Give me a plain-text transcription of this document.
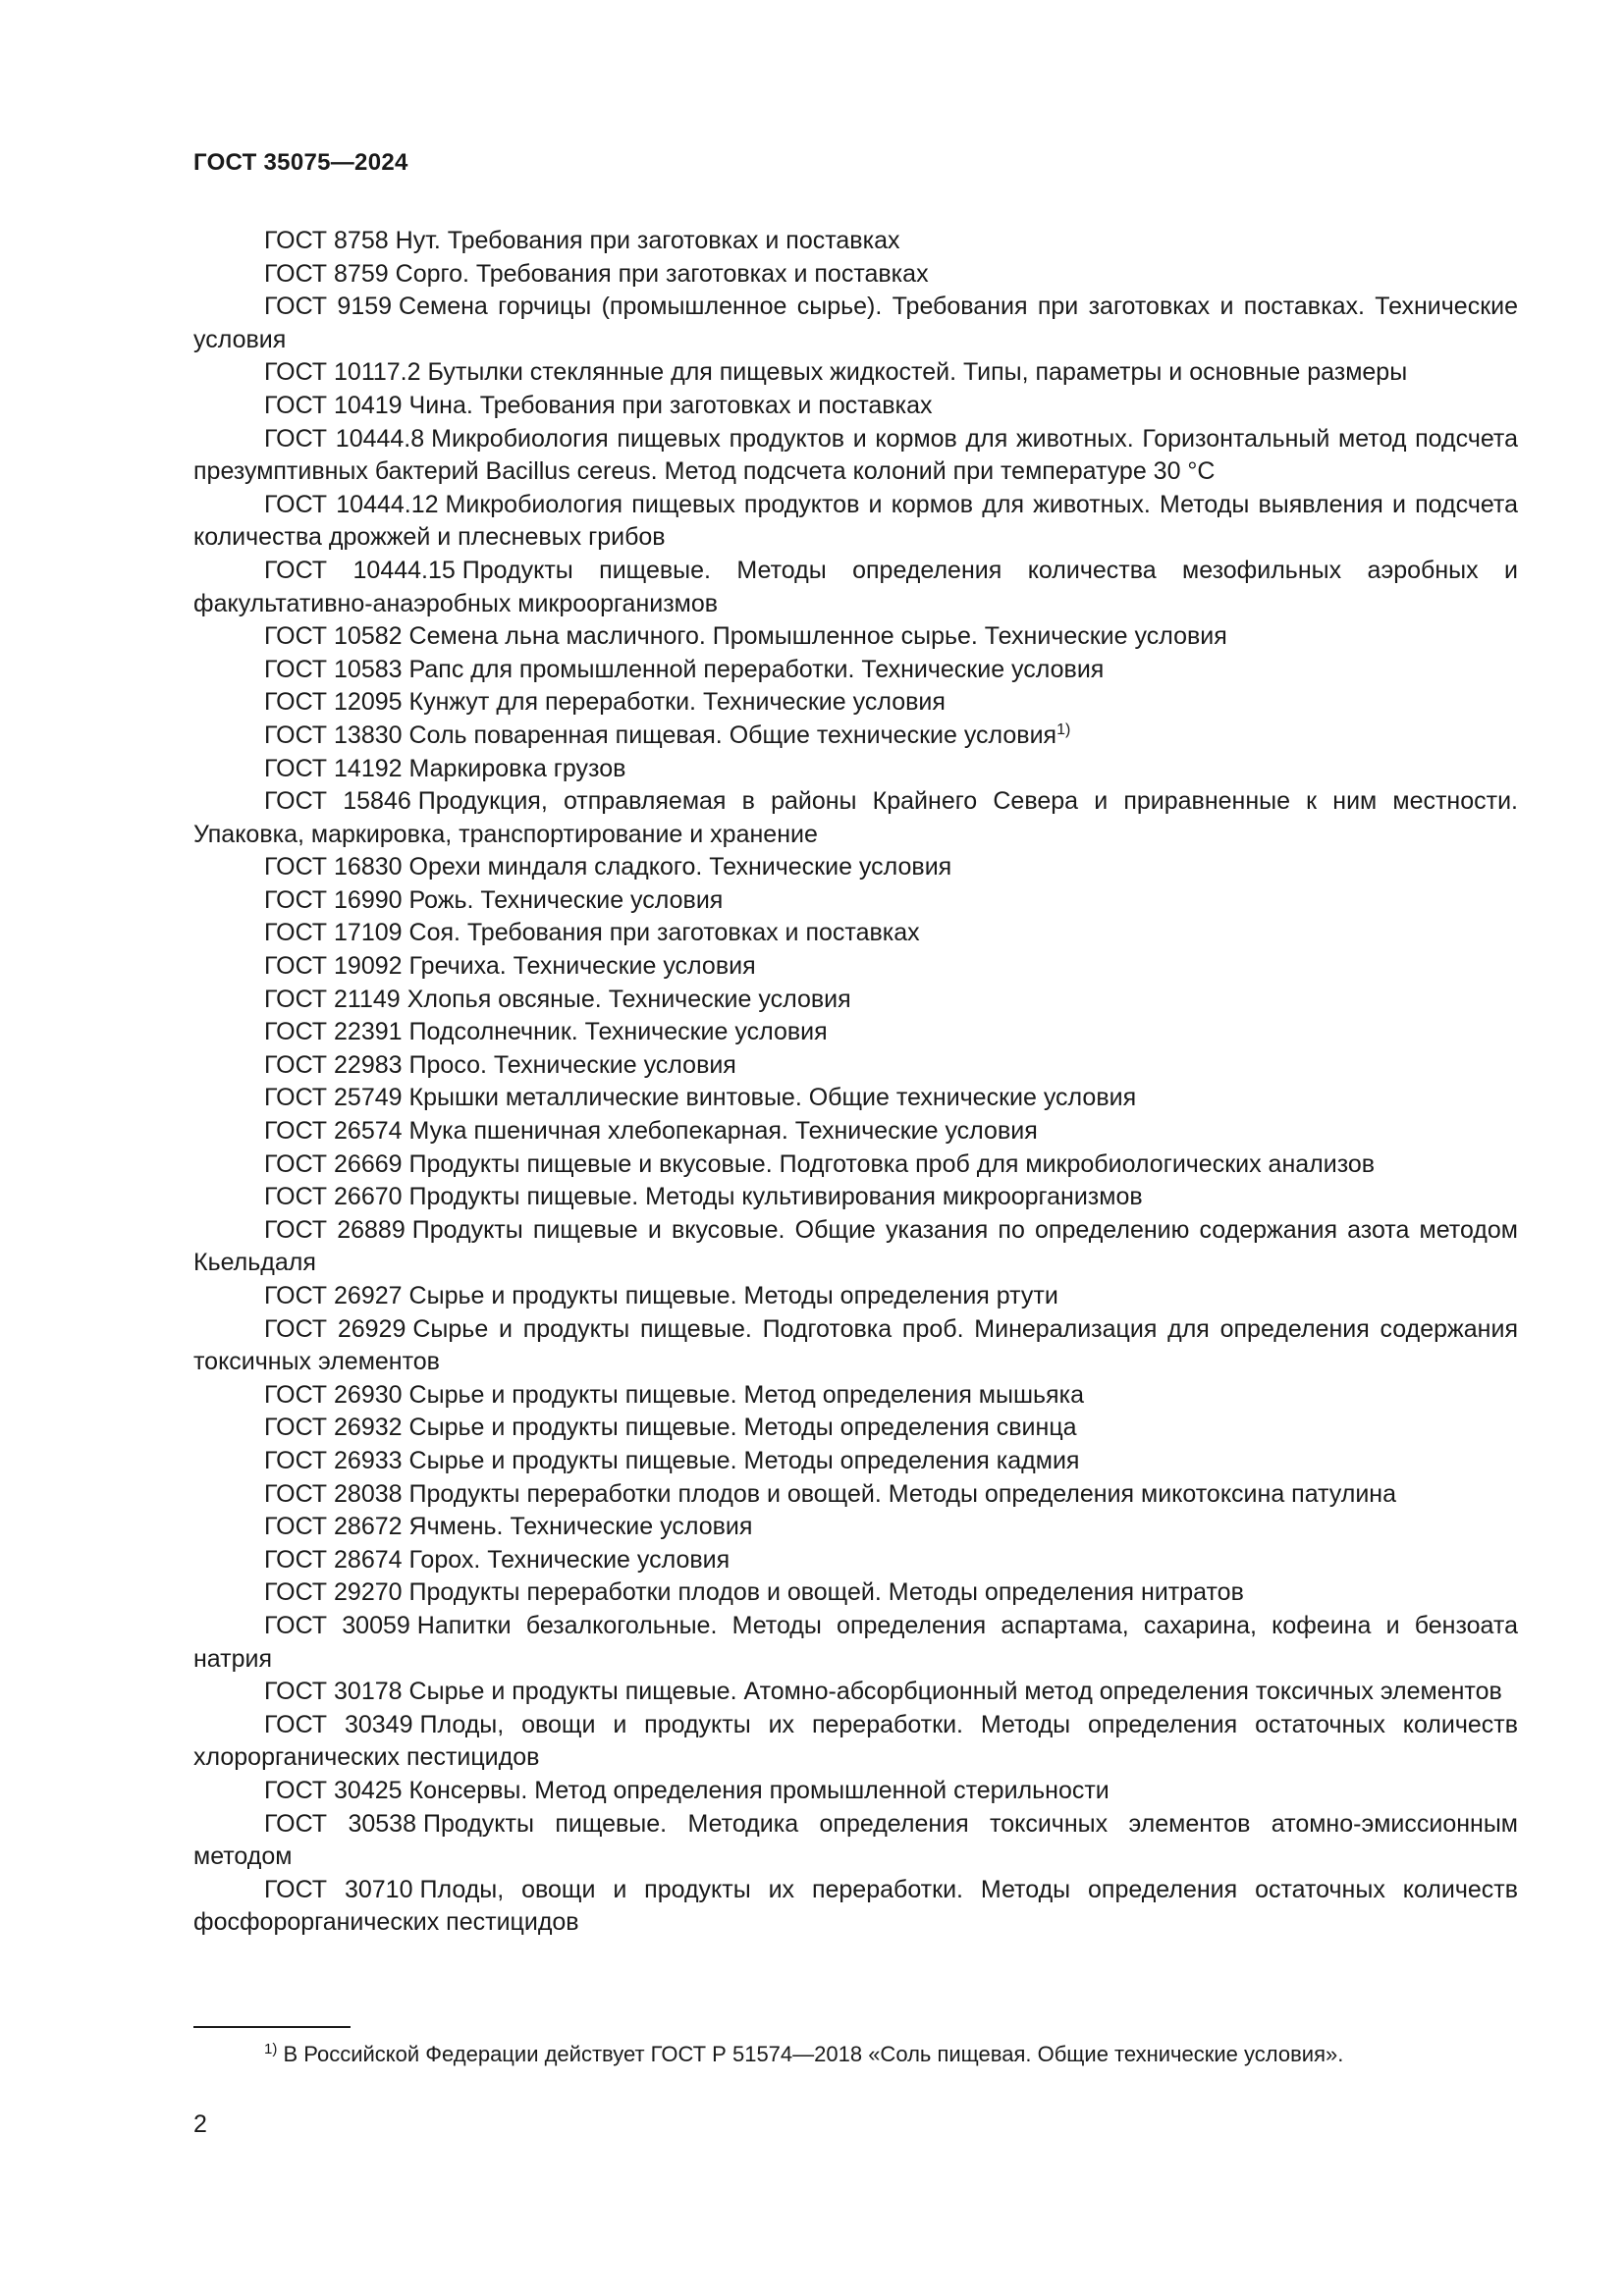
ГОСТ 35075—2024

ГОСТ 8758 Нут. Требования при заготовках и поставках

ГОСТ 8759 Сорго. Требования при заготовках и поставках

ГОСТ 9159 Семена горчицы (промышленное сырье). Требования при заготовках и поставках. Технические условия

ГОСТ 10117.2 Бутылки стеклянные для пищевых жидкостей. Типы, параметры и основные размеры

ГОСТ 10419 Чина. Требования при заготовках и поставках

ГОСТ 10444.8 Микробиология пищевых продуктов и кормов для животных. Горизонтальный метод подсчета презумптивных бактерий Bacillus cereus. Метод подсчета колоний при температуре 30 °С

ГОСТ 10444.12 Микробиология пищевых продуктов и кормов для животных. Методы выявления и подсчета количества дрожжей и плесневых грибов

ГОСТ 10444.15 Продукты пищевые. Методы определения количества мезофильных аэробных и факультативно-анаэробных микроорганизмов

ГОСТ 10582 Семена льна масличного. Промышленное сырье. Технические условия

ГОСТ 10583 Рапс для промышленной переработки. Технические условия

ГОСТ 12095 Кунжут для переработки. Технические условия

ГОСТ 13830 Соль поваренная пищевая. Общие технические условия$^{1)}$

ГОСТ 14192 Маркировка грузов

ГОСТ 15846 Продукция, отправляемая в районы Крайнего Севера и приравненные к ним местности. Упаковка, маркировка, транспортирование и хранение

ГОСТ 16830 Орехи миндаля сладкого. Технические условия

ГОСТ 16990 Рожь. Технические условия

ГОСТ 17109 Соя. Требования при заготовках и поставках

ГОСТ 19092 Гречиха. Технические условия

ГОСТ 21149 Хлопья овсяные. Технические условия

ГОСТ 22391 Подсолнечник. Технические условия

ГОСТ 22983 Просо. Технические условия

ГОСТ 25749 Крышки металлические винтовые. Общие технические условия

ГОСТ 26574 Мука пшеничная хлебопекарная. Технические условия

ГОСТ 26669 Продукты пищевые и вкусовые. Подготовка проб для микробиологических анализов

ГОСТ 26670 Продукты пищевые. Методы культивирования микроорганизмов

ГОСТ 26889 Продукты пищевые и вкусовые. Общие указания по определению содержания азота методом Кьельдаля

ГОСТ 26927 Сырье и продукты пищевые. Методы определения ртути

ГОСТ 26929 Сырье и продукты пищевые. Подготовка проб. Минерализация для определения содержания токсичных элементов

ГОСТ 26930 Сырье и продукты пищевые. Метод определения мышьяка

ГОСТ 26932 Сырье и продукты пищевые. Методы определения свинца

ГОСТ 26933 Сырье и продукты пищевые. Методы определения кадмия

ГОСТ 28038 Продукты переработки плодов и овощей. Методы определения микотоксина патулина

ГОСТ 28672 Ячмень. Технические условия

ГОСТ 28674 Горох. Технические условия

ГОСТ 29270 Продукты переработки плодов и овощей. Методы определения нитратов

ГОСТ 30059 Напитки безалкогольные. Методы определения аспартама, сахарина, кофеина и бензоата натрия

ГОСТ 30178 Сырье и продукты пищевые. Атомно-абсорбционный метод определения токсичных элементов

ГОСТ 30349 Плоды, овощи и продукты их переработки. Методы определения остаточных количеств хлорорганических пестицидов

ГОСТ 30425 Консервы. Метод определения промышленной стерильности

ГОСТ 30538 Продукты пищевые. Методика определения токсичных элементов атомно-эмиссионным методом

ГОСТ 30710 Плоды, овощи и продукты их переработки. Методы определения остаточных количеств фосфорорганических пестицидов

$^{1)}$ В Российской Федерации действует ГОСТ Р 51574—2018 «Соль пищевая. Общие технические условия».
2
